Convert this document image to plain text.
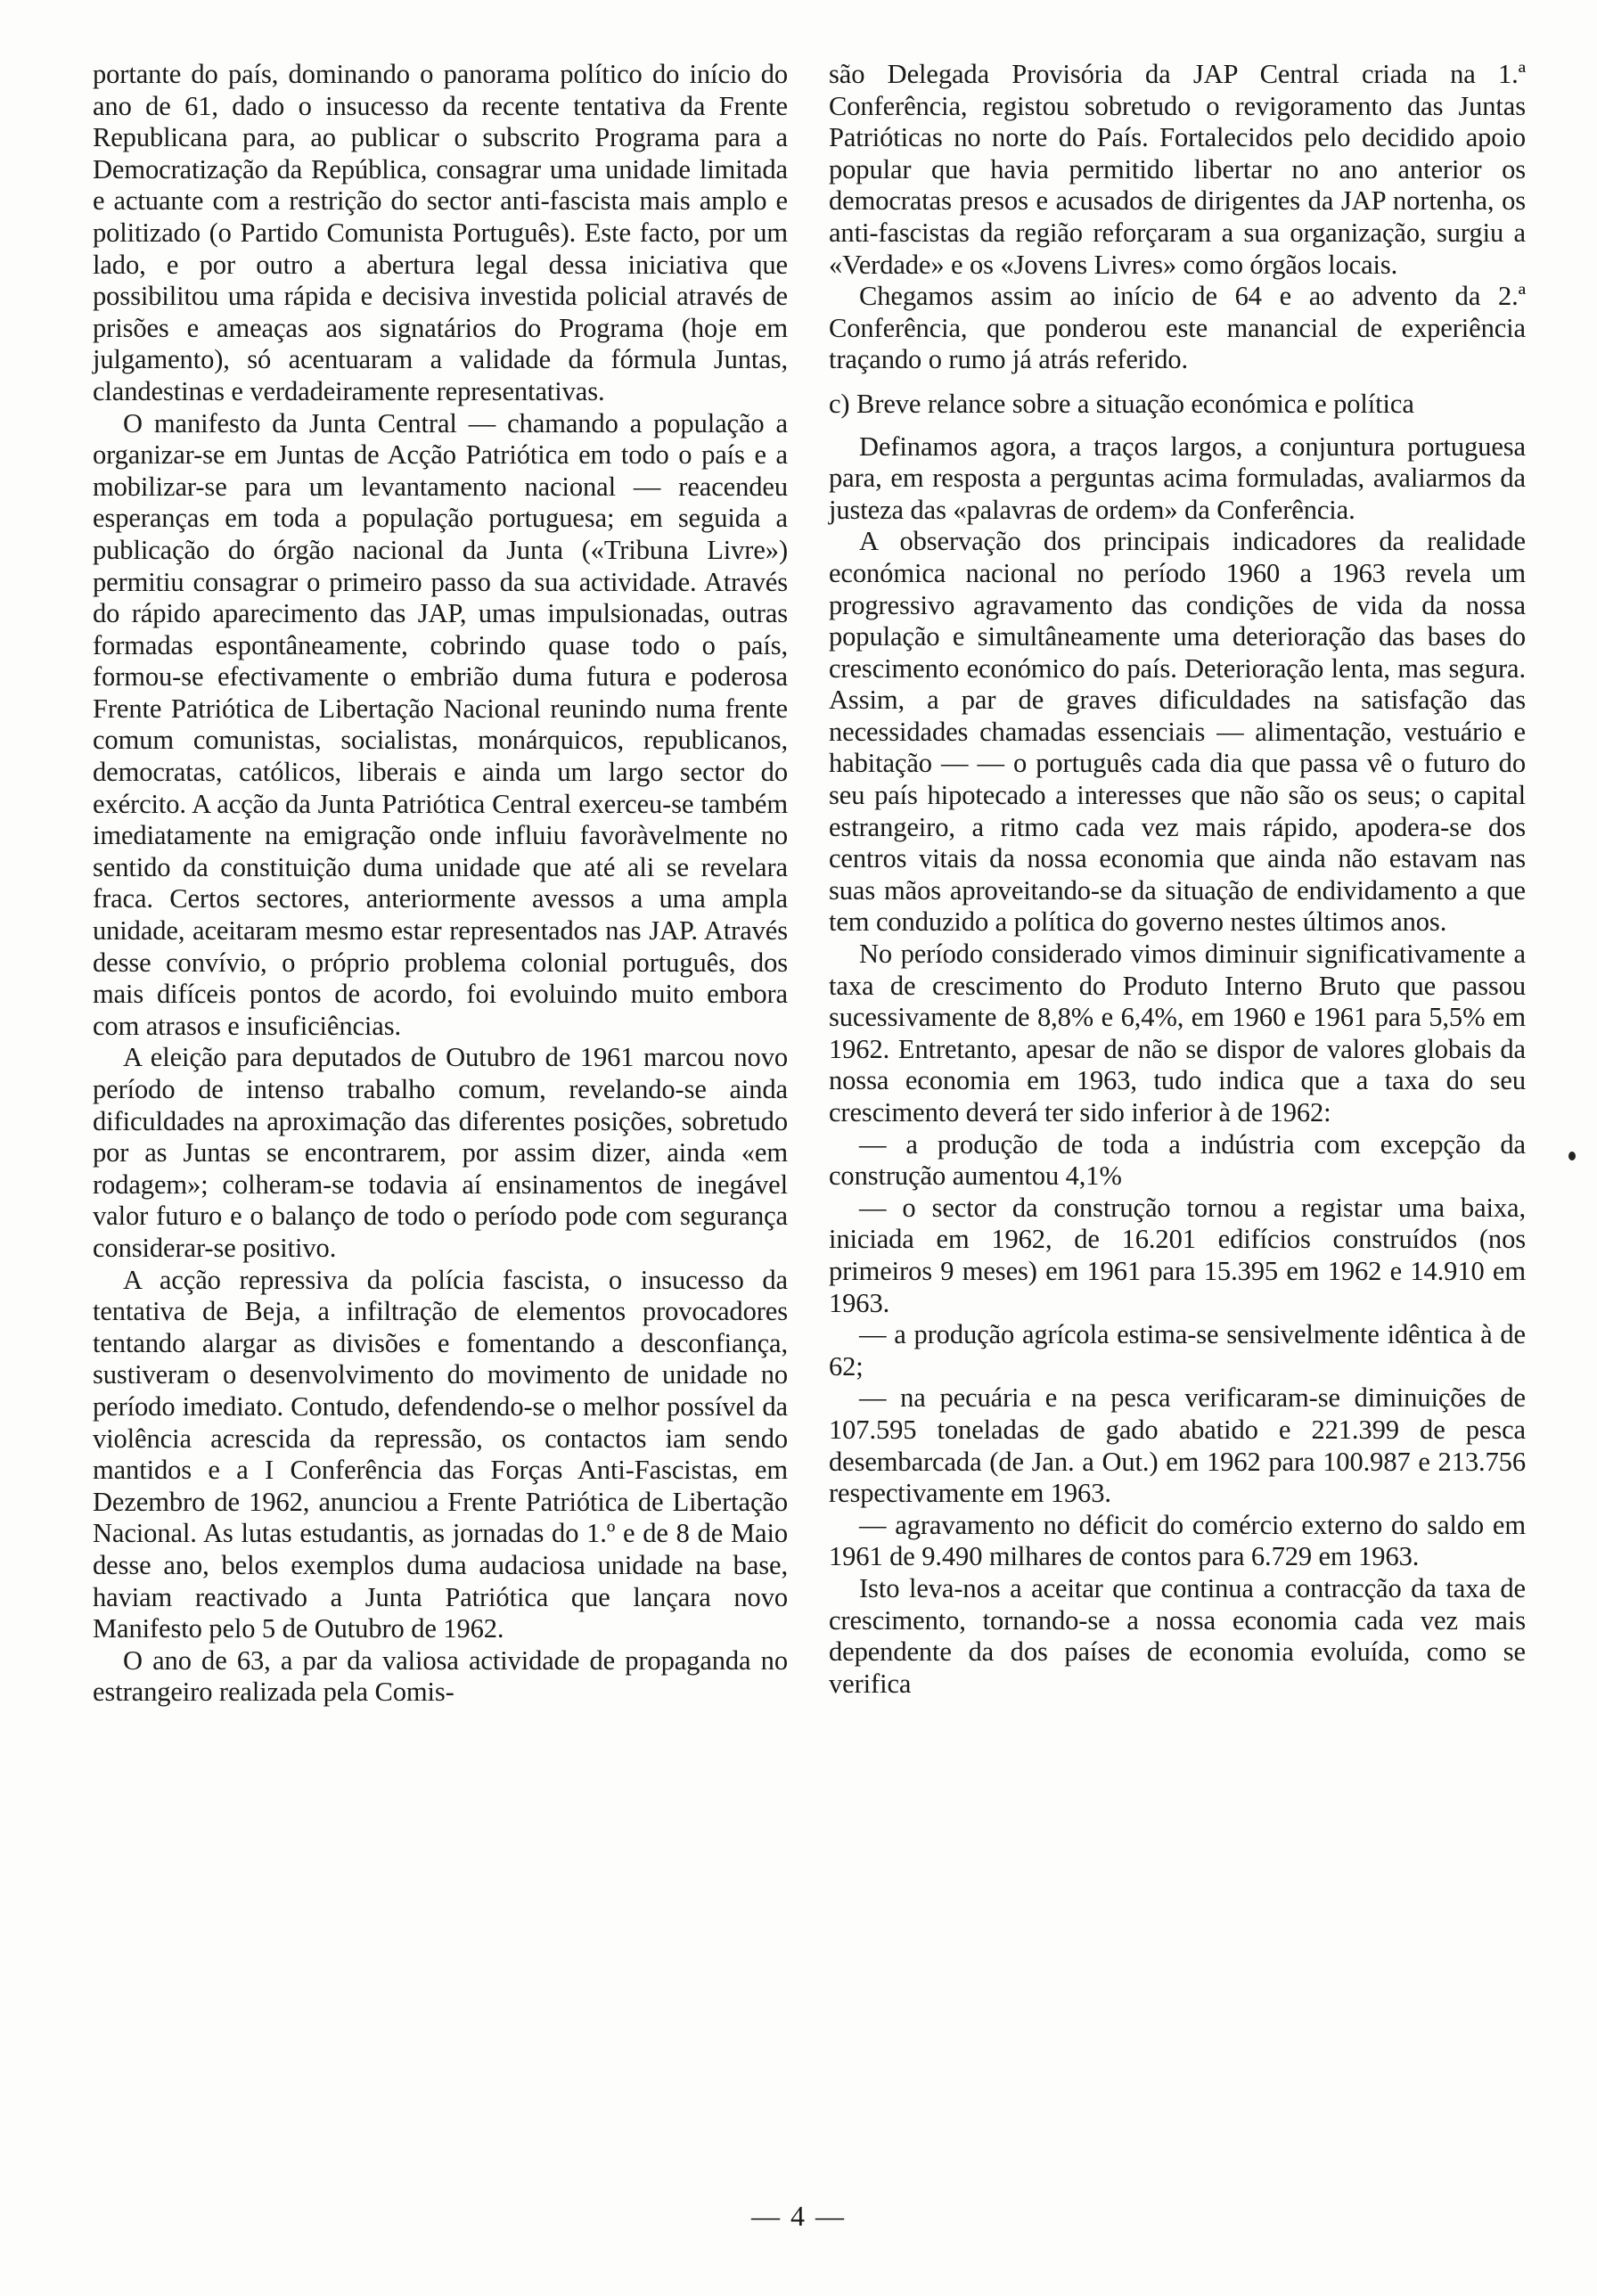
portante do país, dominando o panorama político do início do ano de 61, dado o insucesso da recente tentativa da Frente Republicana para, ao publicar o subscrito Programa para a Democratização da República, consagrar uma unidade limitada e actuante com a restrição do sector anti-fascista mais amplo e politizado (o Partido Comunista Português). Este facto, por um lado, e por outro a abertura legal dessa iniciativa que possibilitou uma rápida e decisiva investida policial através de prisões e ameaças aos signatários do Programa (hoje em julgamento), só acentuaram a validade da fórmula Juntas, clandestinas e verdadeiramente representativas.

O manifesto da Junta Central — chamando a população a organizar-se em Juntas de Acção Patriótica em todo o país e a mobilizar-se para um levantamento nacional — reacendeu esperanças em toda a população portuguesa; em seguida a publicação do órgão nacional da Junta («Tribuna Livre») permitiu consagrar o primeiro passo da sua actividade. Através do rápido aparecimento das JAP, umas impulsionadas, outras formadas espontâneamente, cobrindo quase todo o país, formou-se efectivamente o embrião duma futura e poderosa Frente Patriótica de Libertação Nacional reunindo numa frente comum comunistas, socialistas, monárquicos, republicanos, democratas, católicos, liberais e ainda um largo sector do exército. A acção da Junta Patriótica Central exerceu-se também imediatamente na emigração onde influiu favoràvelmente no sentido da constituição duma unidade que até ali se revelara fraca. Certos sectores, anteriormente avessos a uma ampla unidade, aceitaram mesmo estar representados nas JAP. Através desse convívio, o próprio problema colonial português, dos mais difíceis pontos de acordo, foi evoluindo muito embora com atrasos e insuficiências.

A eleição para deputados de Outubro de 1961 marcou novo período de intenso trabalho comum, revelando-se ainda dificuldades na aproximação das diferentes posições, sobretudo por as Juntas se encontrarem, por assim dizer, ainda «em rodagem»; colheram-se todavia aí ensinamentos de inegável valor futuro e o balanço de todo o período pode com segurança considerar-se positivo.

A acção repressiva da polícia fascista, o insucesso da tentativa de Beja, a infiltração de elementos provocadores tentando alargar as divisões e fomentando a desconfiança, sustiveram o desenvolvimento do movimento de unidade no período imediato. Contudo, defendendo-se o melhor possível da violência acrescida da repressão, os contactos iam sendo mantidos e a I Conferência das Forças Anti-Fascistas, em Dezembro de 1962, anunciou a Frente Patriótica de Libertação Nacional. As lutas estudantis, as jornadas do 1.º e de 8 de Maio desse ano, belos exemplos duma audaciosa unidade na base, haviam reactivado a Junta Patriótica que lançara novo Manifesto pelo 5 de Outubro de 1962.

O ano de 63, a par da valiosa actividade de propaganda no estrangeiro realizada pela Comis-

são Delegada Provisória da JAP Central criada na 1.ª Conferência, registou sobretudo o revigoramento das Juntas Patrióticas no norte do País. Fortalecidos pelo decidido apoio popular que havia permitido libertar no ano anterior os democratas presos e acusados de dirigentes da JAP nortenha, os anti-fascistas da região reforçaram a sua organização, surgiu a «Verdade» e os «Jovens Livres» como órgãos locais.

Chegamos assim ao início de 64 e ao advento da 2.ª Conferência, que ponderou este manancial de experiência traçando o rumo já atrás referido.

c) Breve relance sobre a situação económica e política

Definamos agora, a traços largos, a conjuntura portuguesa para, em resposta a perguntas acima formuladas, avaliarmos da justeza das «palavras de ordem» da Conferência.

A observação dos principais indicadores da realidade económica nacional no período 1960 a 1963 revela um progressivo agravamento das condições de vida da nossa população e simultâneamente uma deterioração das bases do crescimento económico do país. Deterioração lenta, mas segura. Assim, a par de graves dificuldades na satisfação das necessidades chamadas essenciais — alimentação, vestuário e habitação — — o português cada dia que passa vê o futuro do seu país hipotecado a interesses que não são os seus; o capital estrangeiro, a ritmo cada vez mais rápido, apodera-se dos centros vitais da nossa economia que ainda não estavam nas suas mãos aproveitando-se da situação de endividamento a que tem conduzido a política do governo nestes últimos anos.

No período considerado vimos diminuir significativamente a taxa de crescimento do Produto Interno Bruto que passou sucessivamente de 8,8% e 6,4%, em 1960 e 1961 para 5,5% em 1962. Entretanto, apesar de não se dispor de valores globais da nossa economia em 1963, tudo indica que a taxa do seu crescimento deverá ter sido inferior à de 1962:

— a produção de toda a indústria com excepção da construção aumentou 4,1%

— o sector da construção tornou a registar uma baixa, iniciada em 1962, de 16.201 edifícios construídos (nos primeiros 9 meses) em 1961 para 15.395 em 1962 e 14.910 em 1963.

— a produção agrícola estima-se sensivelmente idêntica à de 62;

— na pecuária e na pesca verificaram-se diminuições de 107.595 toneladas de gado abatido e 221.399 de pesca desembarcada (de Jan. a Out.) em 1962 para 100.987 e 213.756 respectivamente em 1963.

— agravamento no déficit do comércio externo do saldo em 1961 de 9.490 milhares de contos para 6.729 em 1963.

Isto leva-nos a aceitar que continua a contracção da taxa de crescimento, tornando-se a nossa economia cada vez mais dependente da dos países de economia evoluída, como se verifica

— 4 —
